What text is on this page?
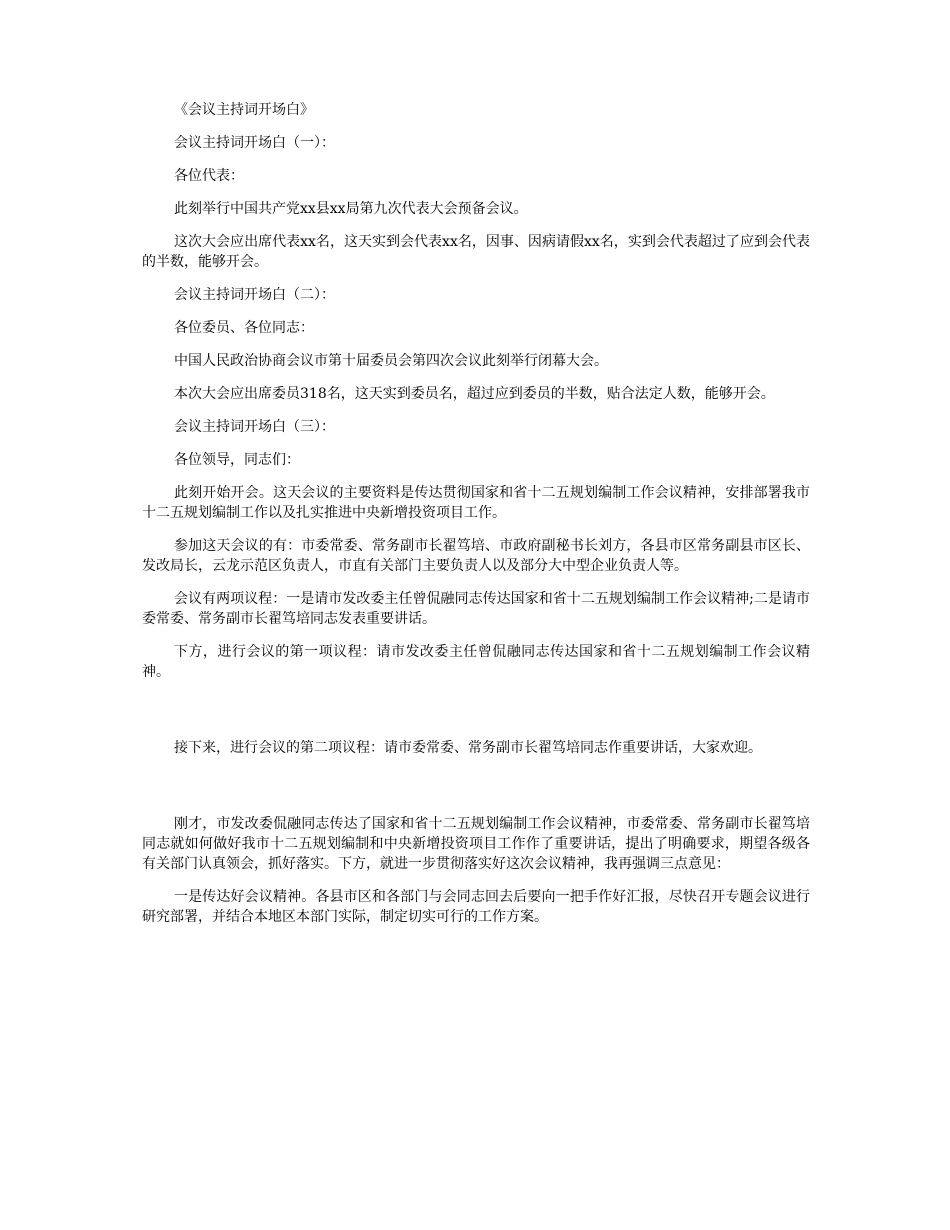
《会议主持词开场白》

会议主持词开场白（一）：

各位代表：

此刻举行中国共产党xx县xx局第九次代表大会预备会议。

这次大会应出席代表xx名，这天实到会代表xx名，因事、因病请假xx名，实到会代表超过了应到会代表的半数，能够开会。

会议主持词开场白（二）：

各位委员、各位同志：

中国人民政治协商会议市第十届委员会第四次会议此刻举行闭幕大会。

本次大会应出席委员318名，这天实到委员名，超过应到委员的半数，贴合法定人数，能够开会。

会议主持词开场白（三）：

各位领导，同志们：

此刻开始开会。这天会议的主要资料是传达贯彻国家和省十二五规划编制工作会议精神，安排部署我市十二五规划编制工作以及扎实推进中央新增投资项目工作。

参加这天会议的有：市委常委、常务副市长翟笃培、市政府副秘书长刘方，各县市区常务副县市区长、发改局长，云龙示范区负责人，市直有关部门主要负责人以及部分大中型企业负责人等。

会议有两项议程：一是请市发改委主任曾侃融同志传达国家和省十二五规划编制工作会议精神;二是请市委常委、常务副市长翟笃培同志发表重要讲话。

下方，进行会议的第一项议程：请市发改委主任曾侃融同志传达国家和省十二五规划编制工作会议精神。

接下来，进行会议的第二项议程：请市委常委、常务副市长翟笃培同志作重要讲话，大家欢迎。

刚才，市发改委侃融同志传达了国家和省十二五规划编制工作会议精神，市委常委、常务副市长翟笃培同志就如何做好我市十二五规划编制和中央新增投资项目工作作了重要讲话，提出了明确要求，期望各级各有关部门认真领会，抓好落实。下方，就进一步贯彻落实好这次会议精神，我再强调三点意见：

一是传达好会议精神。各县市区和各部门与会同志回去后要向一把手作好汇报，尽快召开专题会议进行研究部署，并结合本地区本部门实际，制定切实可行的工作方案。
